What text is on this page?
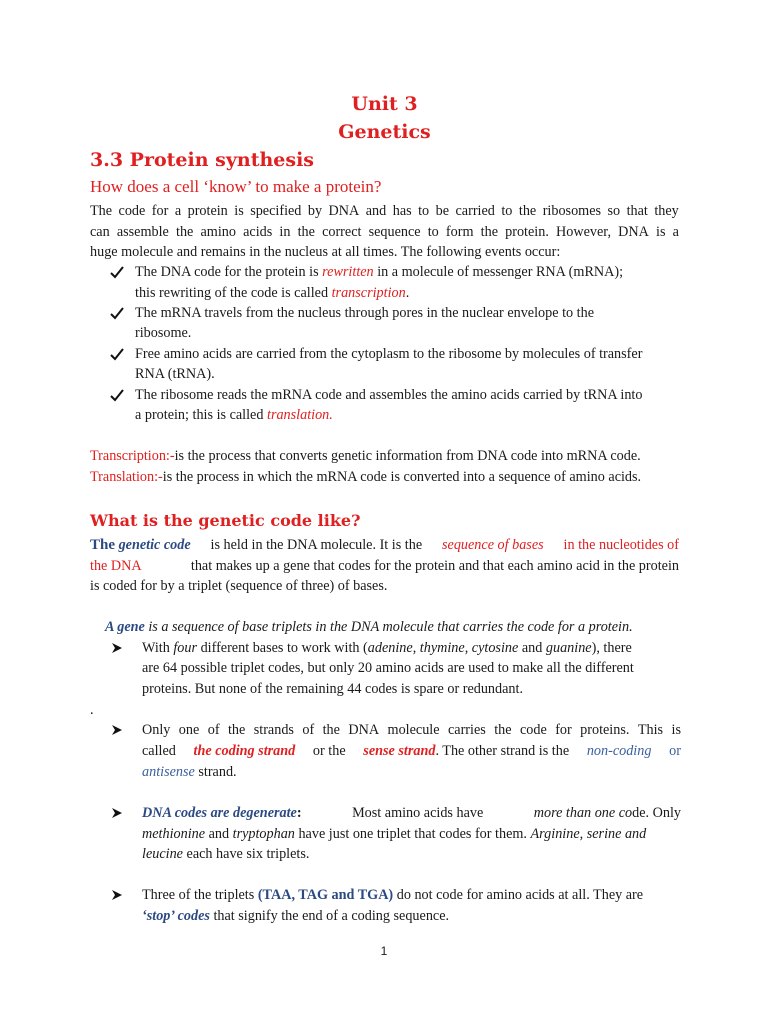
Unit 3
Genetics
3.3 Protein synthesis
How does a cell ‘know’ to make a protein?
The code for a protein is specified by DNA and has to be carried to the ribosomes so that they
can assemble the amino acids in the correct sequence to form the protein. However, DNA is a
huge molecule and remains in the nucleus at all times. The following events occur:
The DNA code for the protein is rewritten in a molecule of messenger RNA (mRNA);
this rewriting of the code is called transcription.
The mRNA travels from the nucleus through pores in the nuclear envelope to the
ribosome.
Free amino acids are carried from the cytoplasm to the ribosome by molecules of transfer
RNA (tRNA).
The ribosome reads the mRNA code and assembles the amino acids carried by tRNA into
a protein; this is called translation.
Transcription:-is the process that converts genetic information from DNA code into mRNA code.
Translation:-is the process in which the mRNA code is converted into a sequence of amino acids.
What is the genetic code like?
The genetic code is held in the DNA molecule. It is the sequence of bases in the nucleotides of
the DNA	that makes up a gene that codes for the protein and that each amino acid in the protein
is coded for by a triplet (sequence of three) of bases.
A gene is a sequence of base triplets in the DNA molecule that carries the code for a protein.
With four different bases to work with (adenine, thymine, cytosine and guanine), there
are 64 possible triplet codes, but only 20 amino acids are used to make all the different
proteins. But none of the remaining 44 codes is spare or redundant.
.
Only one of the strands of the DNA molecule carries the code for proteins. This is
called the coding strand or the sense strand. The other strand is the non-coding or
antisense strand.
DNA codes are degenerate:	Most amino acids have	more than one code. Only
methionine and tryptophan have just one triplet that codes for them. Arginine, serine and
leucine each have six triplets.
Three of the triplets (TAA, TAG and TGA) do not code for amino acids at all. They are
‘stop’ codes that signify the end of a coding sequence.
1
